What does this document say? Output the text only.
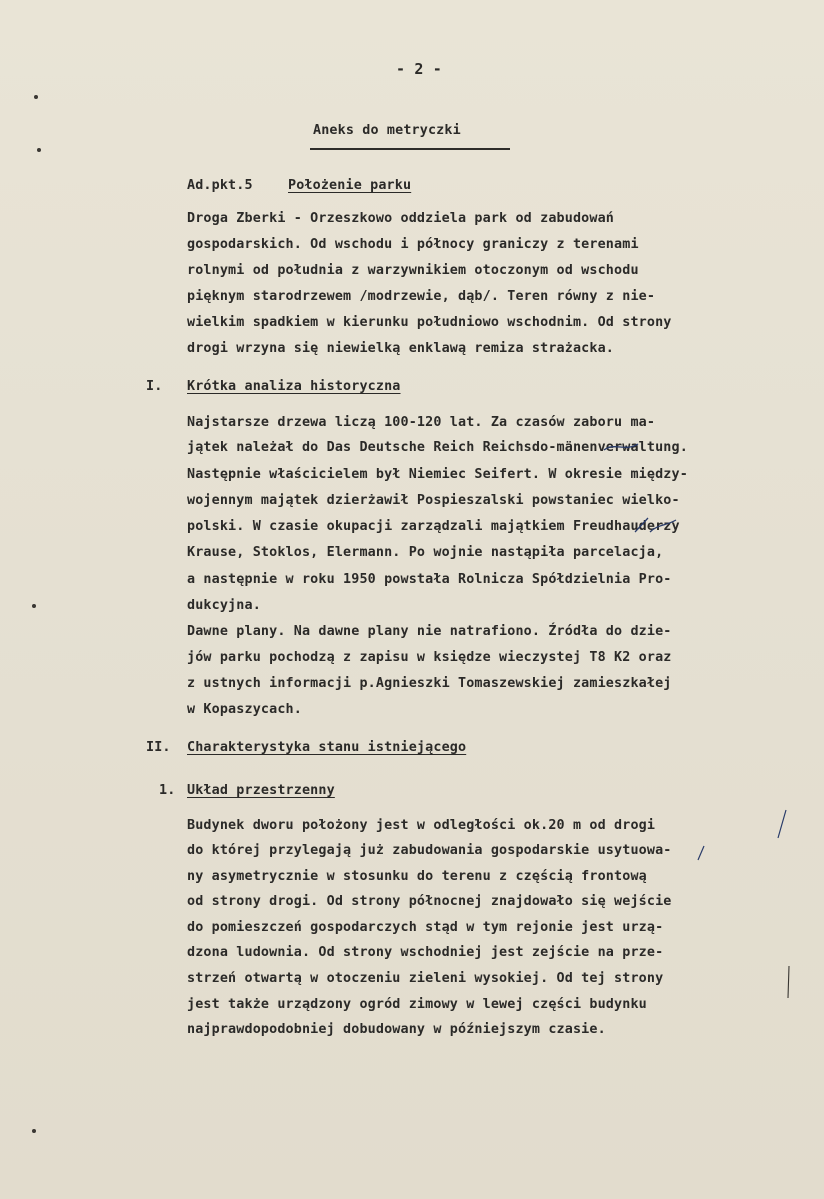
- 2 -
Aneks do metryczki
Ad.pkt.5	Położenie parku
Droga Zberki - Orzeszkowo oddziela park od zabudowań
gospodarskich. Od wschodu i północy graniczy z terenami
rolnymi od południa z warzywnikiem otoczonym od wschodu
pięknym starodrzewem /modrzewie, dąb/. Teren równy z nie-
wielkim spadkiem w kierunku południowo wschodnim. Od strony
drogi wrzyna się niewielką enklawą remiza strażacka.
I. Krótka analiza historyczna
Najstarsze drzewa liczą 100-120 lat. Za czasów zaboru ma-
jątek należał do Das Deutsche Reich Reichsdo-mänenverwaltung.
Następnie właścicielem był Niemiec Seifert. W okresie między-
wojennym majątek dzierżawił Pospieszalski powstaniec wielko-
polski. W czasie okupacji zarządzali majątkiem Freudhauderzy
Krause, Stoklos, Elermann. Po wojnie nastąpiła parcelacja,
a następnie w roku 1950 powstała Rolnicza Spółdzielnia Pro-
dukcyjna.
Dawne plany. Na dawne plany nie natrafiono. Źródła do dzie-
jów parku pochodzą z zapisu w księdze wieczystej T8 K2 oraz
z ustnych informacji p.Agnieszki Tomaszewskiej zamieszkałej
w Kopaszycach.
II. Charakterystyka stanu istniejącego
1. Układ przestrzenny
Budynek dworu położony jest w odległości ok.20 m od drogi
do której przylegają już zabudowania gospodarskie usytuowa-
ny asymetrycznie w stosunku do terenu z częścią frontową
od strony drogi. Od strony północnej znajdowało się wejście
do pomieszczeń gospodarczych stąd w tym rejonie jest urzą-
dzona ludownia. Od strony wschodniej jest zejście na prze-
strzeń otwartą w otoczeniu zieleni wysokiej. Od tej strony
jest także urządzony ogród zimowy w lewej części budynku
najprawdopodobniej dobudowany w późniejszym czasie.
